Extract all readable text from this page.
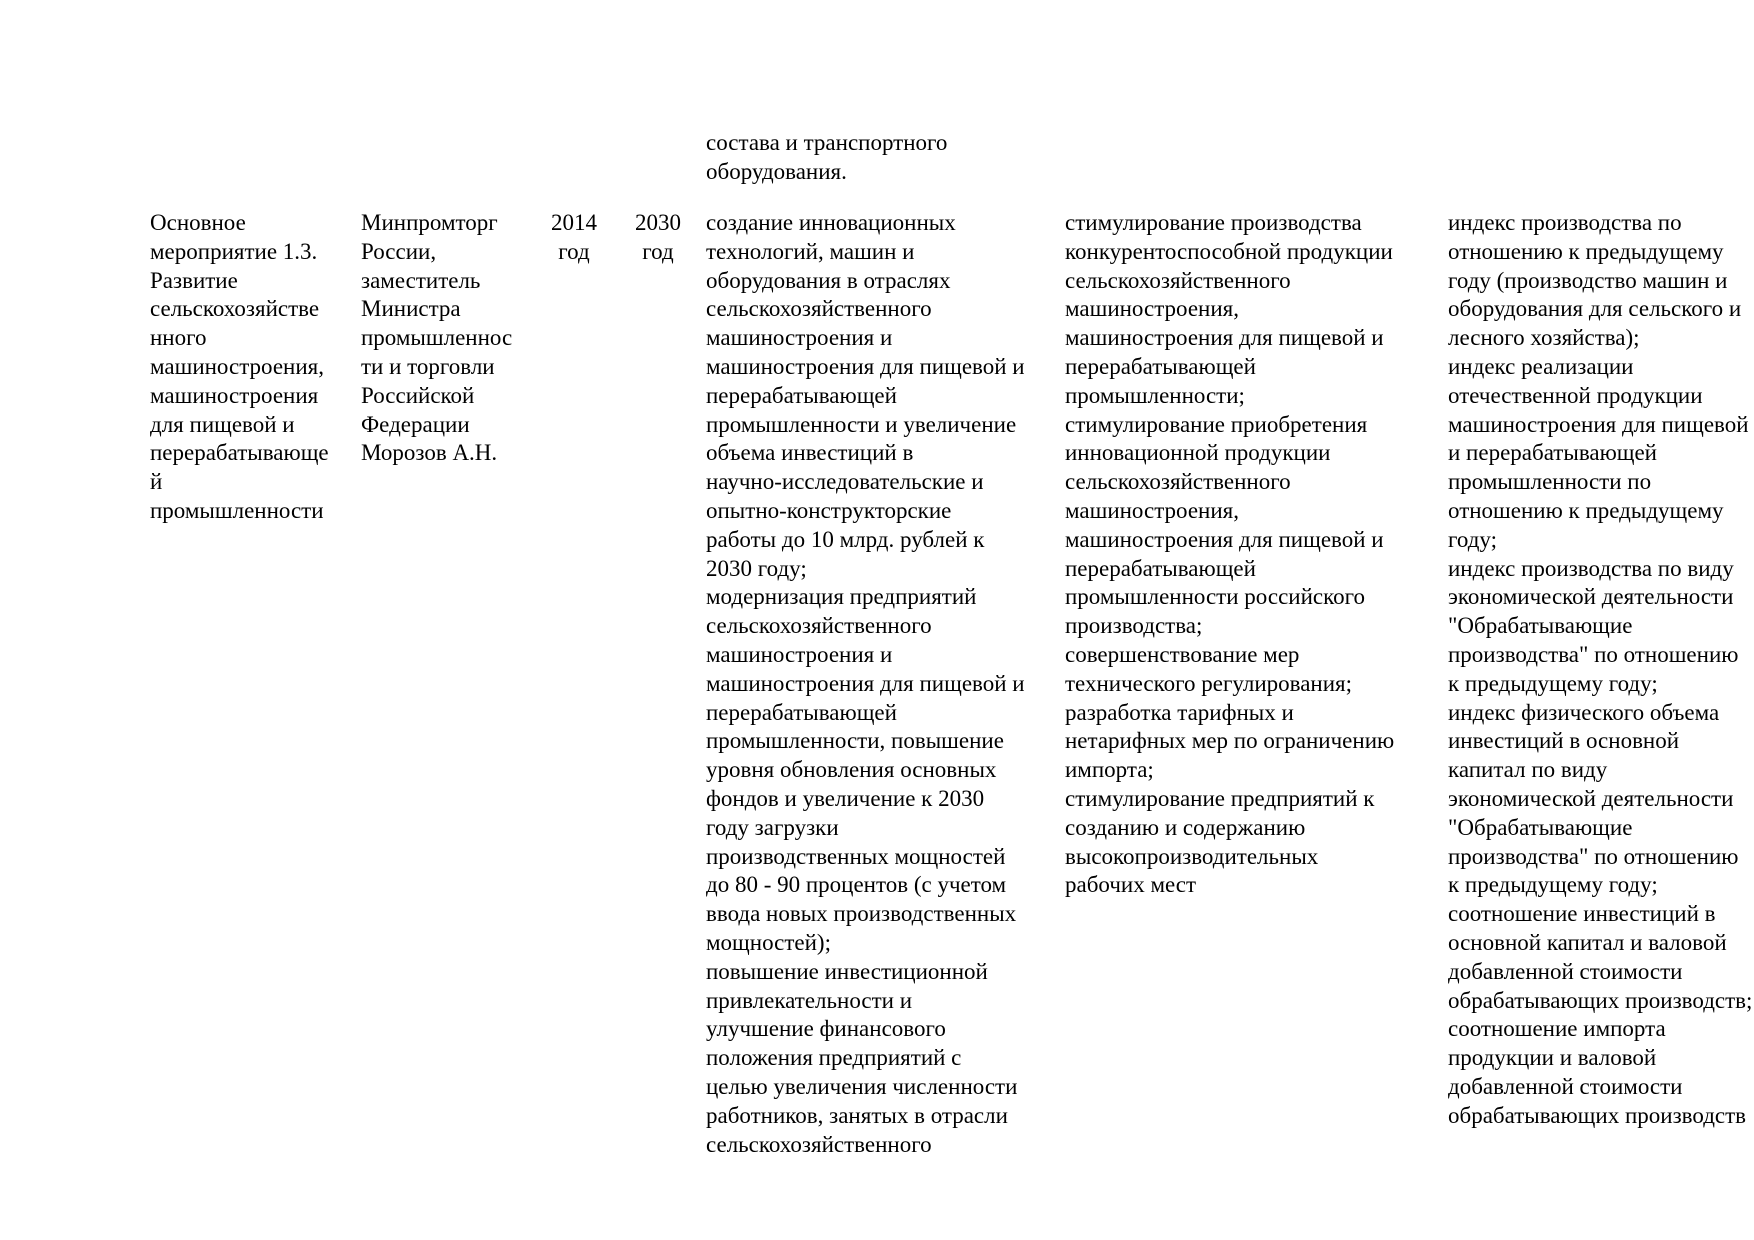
состава и транспортного
оборудования.
Основное
мероприятие 1.3.
Развитие
сельскохозяйстве
нного
машиностроения,
машиностроения
для пищевой и
перерабатывающе
й
промышленности
Минпромторг
России,
заместитель
Министра
промышленнос
ти и торговли
Российской
Федерации
Морозов А.Н.
2014
год
2030
год
создание инновационных
технологий, машин и
оборудования в отраслях
сельскохозяйственного
машиностроения и
машиностроения для пищевой и
перерабатывающей
промышленности и увеличение
объема инвестиций в
научно-исследовательские и
опытно-конструкторские
работы до 10 млрд. рублей к
2030 году;
модернизация предприятий
сельскохозяйственного
машиностроения и
машиностроения для пищевой и
перерабатывающей
промышленности, повышение
уровня обновления основных
фондов и увеличение к 2030
году загрузки
производственных мощностей
до 80 - 90 процентов (с учетом
ввода новых производственных
мощностей);
повышение инвестиционной
привлекательности и
улучшение финансового
положения предприятий с
целью увеличения численности
работников, занятых в отрасли
сельскохозяйственного
стимулирование производства
конкурентоспособной продукции
сельскохозяйственного
машиностроения,
машиностроения для пищевой и
перерабатывающей
промышленности;
стимулирование приобретения
инновационной продукции
сельскохозяйственного
машиностроения,
машиностроения для пищевой и
перерабатывающей
промышленности российского
производства;
совершенствование мер
технического регулирования;
разработка тарифных и
нетарифных мер по ограничению
импорта;
стимулирование предприятий к
созданию и содержанию
высокопроизводительных
рабочих мест
индекс производства по
отношению к предыдущему
году (производство машин и
оборудования для сельского и
лесного хозяйства);
индекс реализации
отечественной продукции
машиностроения для пищевой
и перерабатывающей
промышленности по
отношению к предыдущему
году;
индекс производства по виду
экономической деятельности
"Обрабатывающие
производства" по отношению
к предыдущему году;
индекс физического объема
инвестиций в основной
капитал по виду
экономической деятельности
"Обрабатывающие
производства" по отношению
к предыдущему году;
соотношение инвестиций в
основной капитал и валовой
добавленной стоимости
обрабатывающих производств;
соотношение импорта
продукции и валовой
добавленной стоимости
обрабатывающих производств
